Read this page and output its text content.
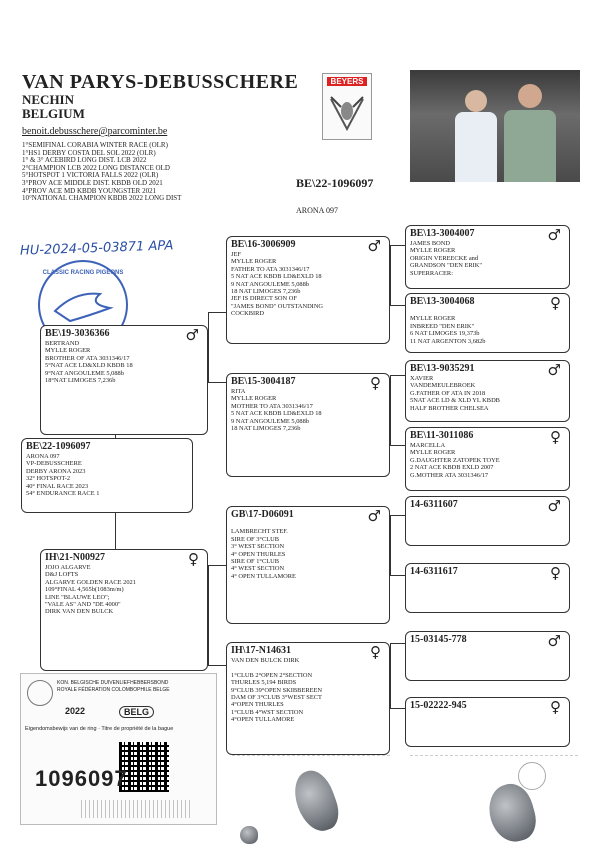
VAN PARYS-DEBUSSCHERE
NECHIN
BELGIUM
benoit.debusschere@parcominter.be
1°SEMIFINAL CORABIA WINTER RACE (OLR)
1°HS1 DERBY COSTA DEL SOL 2022 (OLR)
1° & 3° ACEBIRD LONG DIST. LCB 2022
2°CHAMPION LCB 2022 LONG DISTANCE OLD
5°HOTSPOT 1 VICTORIA FALLS 2022 (OLR)
3°PROV ACE MIDDLE DIST. KBDB OLD 2021
4°PROV ACE MD KBDB YOUNGSTER 2021
10°NATIONAL CHAMPION KBDB 2022 LONG DIST
BEYERS
BE\22-1096097
ARONA 097
HU-2024-05-03871 APA
CLASSIC RACING PIGEONS
BE\22-1096097
ARONA 097
VP-DEBUSSCHERE
DERBY ARONA 2023
32° HOTSPOT-2
40° FINAL RACE 2023
54° ENDURANCE RACE 1
BE\19-3036366	♂
BERTRAND
MYLLE ROGER
BROTHER OF ATA 3031346/17
5°NAT ACE LD&XLD KBDB 18
9°NAT ANGOULEME 5,088b
18°NAT LIMOGES 7,236b
IH\21-N00927	♀
JOJO ALGARVE
D&J LOFTS
ALGARVE GOLDEN RACE 2021
109°FINAL 4,565b(1083m/m)
LINE "BLAUWE LEO";
"VALE AS" AND "DE 4000"
DIRK VAN DEN BULCK
BE\16-3006909	♂
JEF
MYLLE ROGER
FATHER TO ATA 3031346/17
5 NAT ACE KBDB LD&EXLD 18
9 NAT ANGOULEME 5,088b
18 NAT LIMOGES 7,236b
JEF IS DIRECT SON OF
"JAMES BOND" OUTSTANDING
COCKBIRD
BE\15-3004187	♀
RITA
MYLLE ROGER
MOTHER TO ATA 3031346/17
5 NAT ACE KBDB LD&EXLD 18
9 NAT ANGOULEME 5,088b
18 NAT LIMOGES 7,236b
GB\17-D06091	♂

LAMBRECHT STEF.
SIRE OF 3°CLUB
3° WEST SECTION
4° OPEN THURLES
SIRE OF 1°CLUB
4° WEST SECTION
4° OPEN TULLAMORE
IH\17-N14631	♀
VAN DEN BULCK DIRK

1°CLUB 2°OPEN 2°SECTION
THURLES 5,194 BIRDS
9°CLUB 39°OPEN SKIBBEREEN
DAM OF 3°CLUB 3°WEST SECT
4°OPEN THURLES
1°CLUB 4°WST SECTION
4°OPEN TULLAMORE
BE\13-3004007	♂
JAMES BOND
MYLLE ROGER
ORIGIN VEREECKE and
GRANDSON "DEN ERIK"
SUPERRACER:
BE\13-3004068	♀

MYLLE ROGER
INBREED "DEN ERIK"
6 NAT LIMOGES 19,373b
11 NAT ARGENTON 3,682b
BE\13-9035291	♂
XAVIER
VANDEMEULEBROEK
G.FATHER OF ATA IN 2018
5NAT ACE LD & XLD YL KBDB
HALF BROTHER CHELSEA
BE\11-3011086	♀
MARCELLA
MYLLE ROGER
G.DAUGHTER ZATOPEK TOYE
2 NAT ACE KBDB EXLD 2007
G.MOTHER ATA 3031346/17
14-6311607	♂
14-6311617	♀
15-03145-778	♂
15-02222-945	♀
KON. BELGISCHE DUIVENLIEFHEBBERSBOND
ROYALE FÉDÉRATION COLOMBOPHILE BELGE
2022	BELG
Eigendomsbewijs van de ring · Titre de propriété de la bague
1096097
